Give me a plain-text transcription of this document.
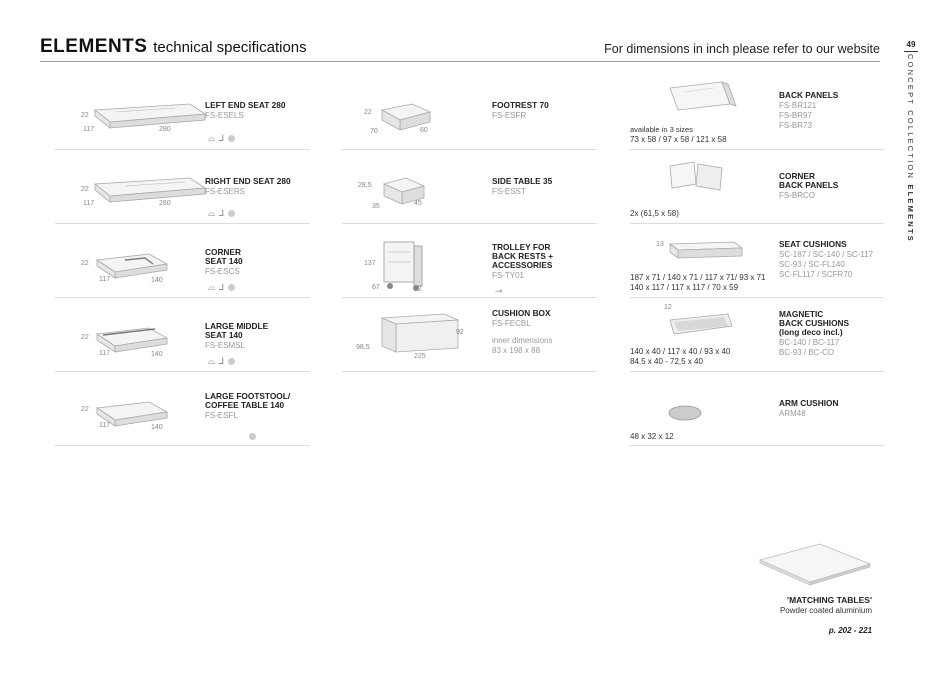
ELEMENTS technical specifications	For dimensions in inch please refer to our website	49
CONCEPT COLLECTION ELEMENTS
22
117	280
LEFT END SEAT 280
FS-ESELS
⌓ ⅃
22
117	280
RIGHT END SEAT 280
FS-ESERS
⌓ ⅃
22
117	140
CORNER
SEAT 140
FS-ESCS
⌓ ⅃
22
117	140
LARGE MIDDLE
SEAT 140
FS-ESMSL
⌓ ⅃
22
117	140
LARGE FOOTSTOOL/
COFFEE TABLE 140
FS-ESFL
22
70	60
FOOTREST 70
FS-ESFR
28,5
35	45
SIDE TABLE 35
FS-ESST
137
67	82
TROLLEY FOR
BACK RESTS +
ACCESSORIES
FS-TY01
⊸
92
98,5
225
CUSHION BOX
FS-FECBL
inner dimensions
83 x 198 x 88
available in 3 sizes
73 x 58 / 97 x 58 / 121 x 58
BACK PANELS
FS-BR121
FS-BR97
FS-BR73
2x (61,5 x 58)
CORNER
BACK PANELS
FS-BRCO
13
187 x 71 / 140 x 71 / 117 x 71/ 93 x 71
140 x 117 / 117 x 117 / 70 x 59
SEAT CUSHIONS
SC-187 / SC-140 / SC-117
SC-93 / SC-FL140
SC-FL117 / SCFR70
12
140 x 40 / 117 x 40 / 93 x 40
84,5 x 40 - 72,5 x 40
MAGNETIC
BACK CUSHIONS
(long deco incl.)
BC-140 / BC-117
BC-93 / BC-CO
48 x 32 x 12
ARM CUSHION
ARM48
'MATCHING TABLES'
Powder coated aluminium
p. 202 - 221
